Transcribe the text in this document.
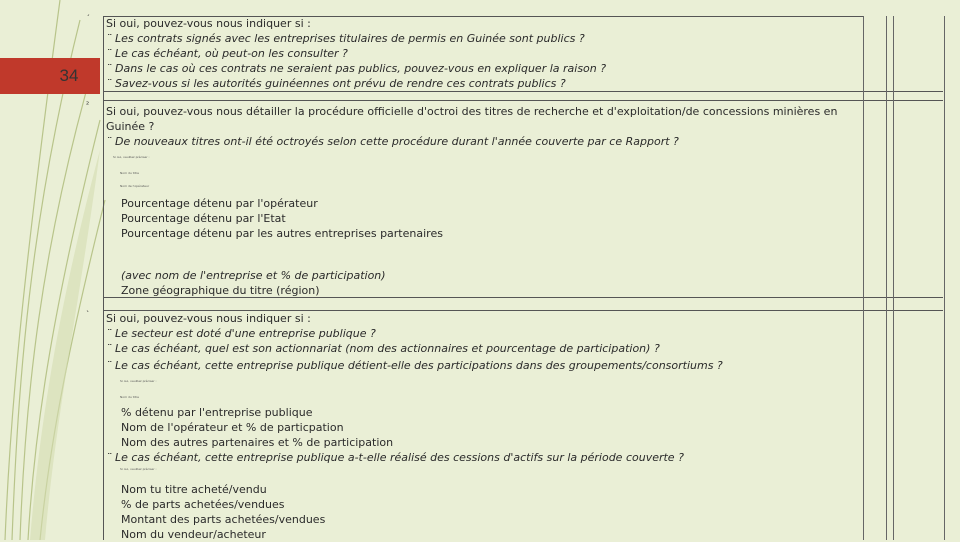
34
´ Si oui, pouvez-vous nous indiquer si :
¨ Les contrats signés avec les entreprises titulaires de permis en Guinée sont publics ?
¨ Le cas échéant, où peut-on les consulter ?
¨ Dans le cas où ces contrats ne seraient pas publics, pouvez-vous en expliquer la raison ?
¨ Savez-vous si les autorités guinéennes ont prévu de rendre ces contrats publics ?
²
Si oui, pouvez-vous nous détailler la procédure officielle d'octroi des titres de recherche et d'exploitation/de concessions minières en
Guinée ?
¨ De nouveaux titres ont-il été octroyés selon cette procédure durant l'année couverte par ce Rapport ?
Si oui, veuillez préciser :
Nom du titre
Nom de l'opérateur
Pourcentage détenu par l'opérateur
Pourcentage détenu par l'Etat
Pourcentage détenu par les autres entreprises partenaires
(avec nom de l'entreprise et % de participation)
Zone géographique du titre (région)
` Si oui, pouvez-vous nous indiquer si :
¨ Le secteur est doté d'une entreprise publique ?
¨ Le cas échéant, quel est son actionnariat (nom des actionnaires et pourcentage de participation) ?
¨ Le cas échéant, cette entreprise publique détient-elle des participations dans des groupements/consortiums ?
Si oui, veuillez préciser :
Nom du titre
% détenu par l'entreprise publique
Nom de l'opérateur et % de particpation
Nom des autres partenaires et % de participation
¨ Le cas échéant, cette entreprise publique a-t-elle réalisé des cessions d'actifs sur la période couverte ?
Si oui, veuillez préciser :
Nom tu titre acheté/vendu
% de parts achetées/vendues
Montant des parts achetées/vendues
Nom du vendeur/acheteur
